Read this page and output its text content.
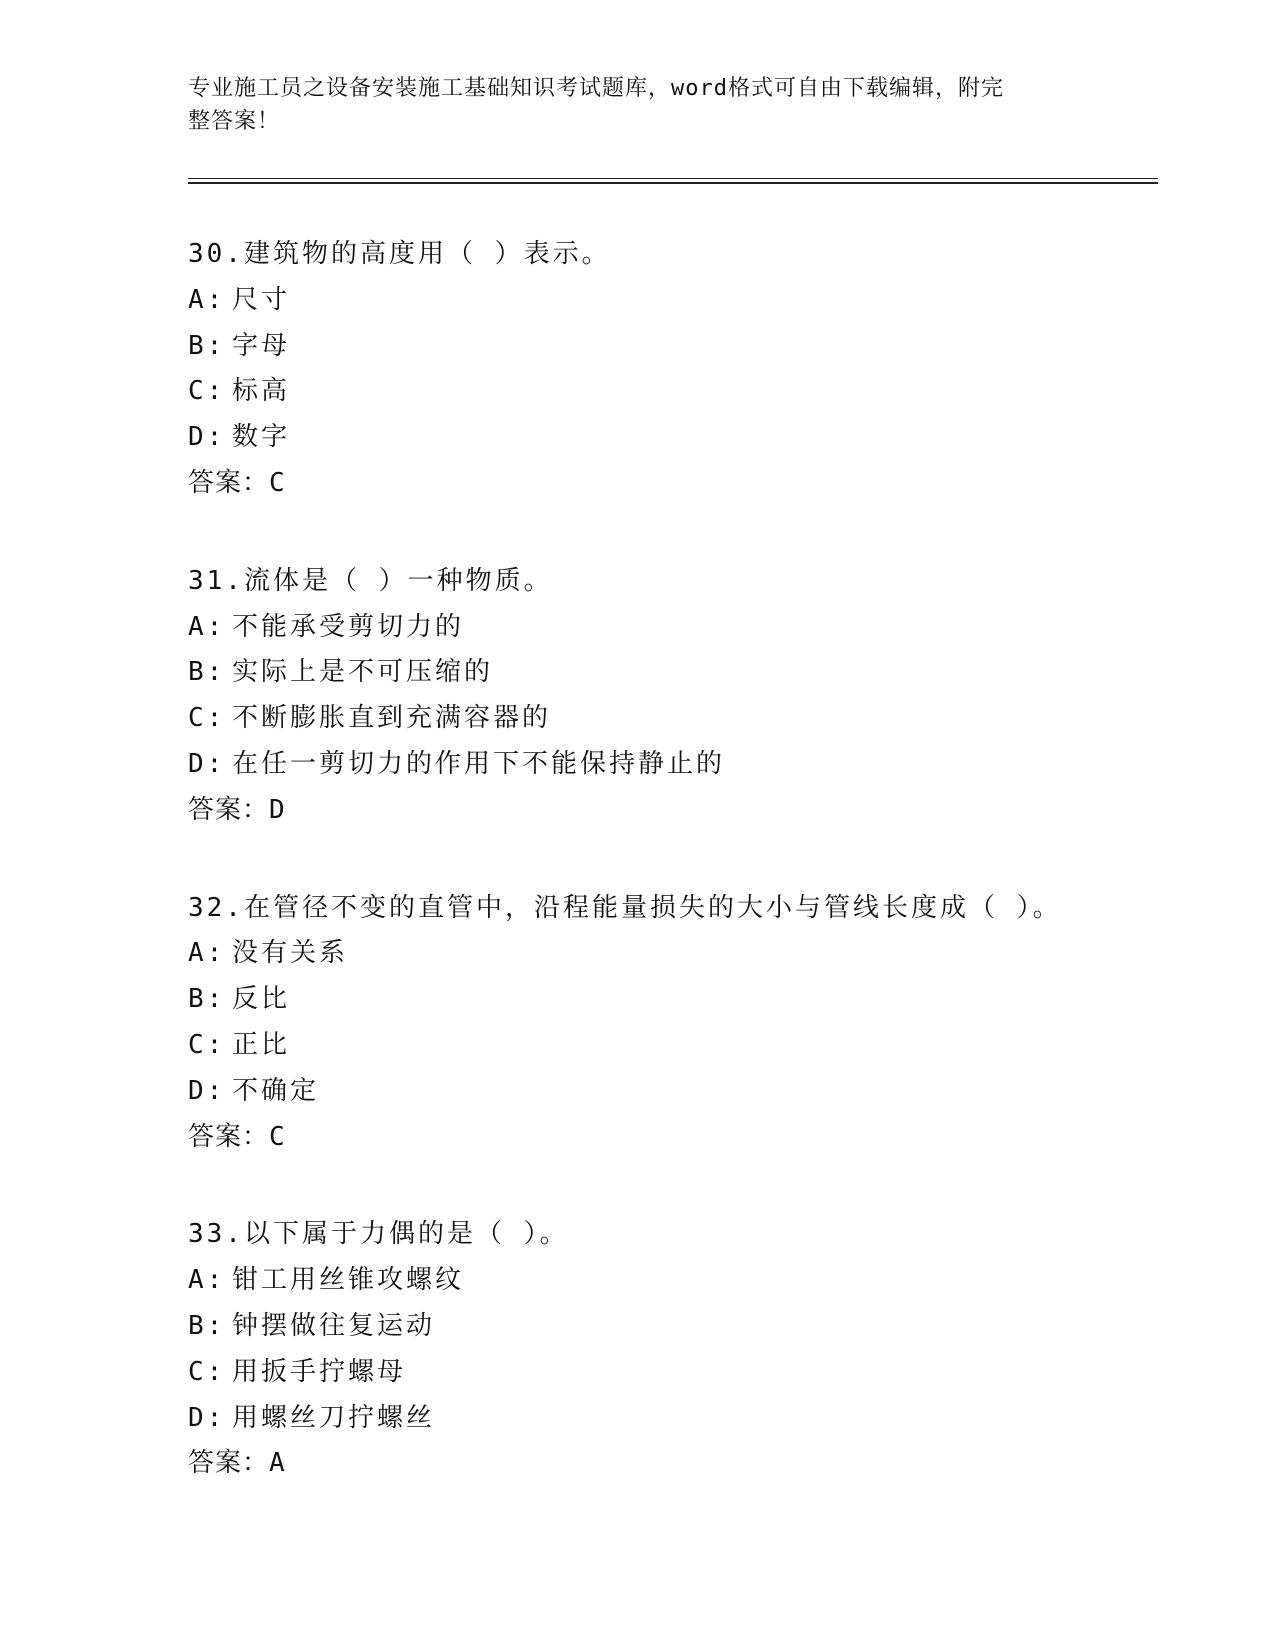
专业施工员之设备安装施工基础知识考试题库，word格式可自由下载编辑，附完
整答案！
30.建筑物的高度用（ ）表示。
A: 尺寸
B: 字母
C: 标高
D: 数字
答案：C
31.流体是（ ）一种物质。
A: 不能承受剪切力的
B: 实际上是不可压缩的
C: 不断膨胀直到充满容器的
D: 在任一剪切力的作用下不能保持静止的
答案：D
32.在管径不变的直管中，沿程能量损失的大小与管线长度成（ ）。
A: 没有关系
B: 反比
C: 正比
D: 不确定
答案：C
33.以下属于力偶的是（ ）。
A: 钳工用丝锥攻螺纹
B: 钟摆做往复运动
C: 用扳手拧螺母
D: 用螺丝刀拧螺丝
答案：A
